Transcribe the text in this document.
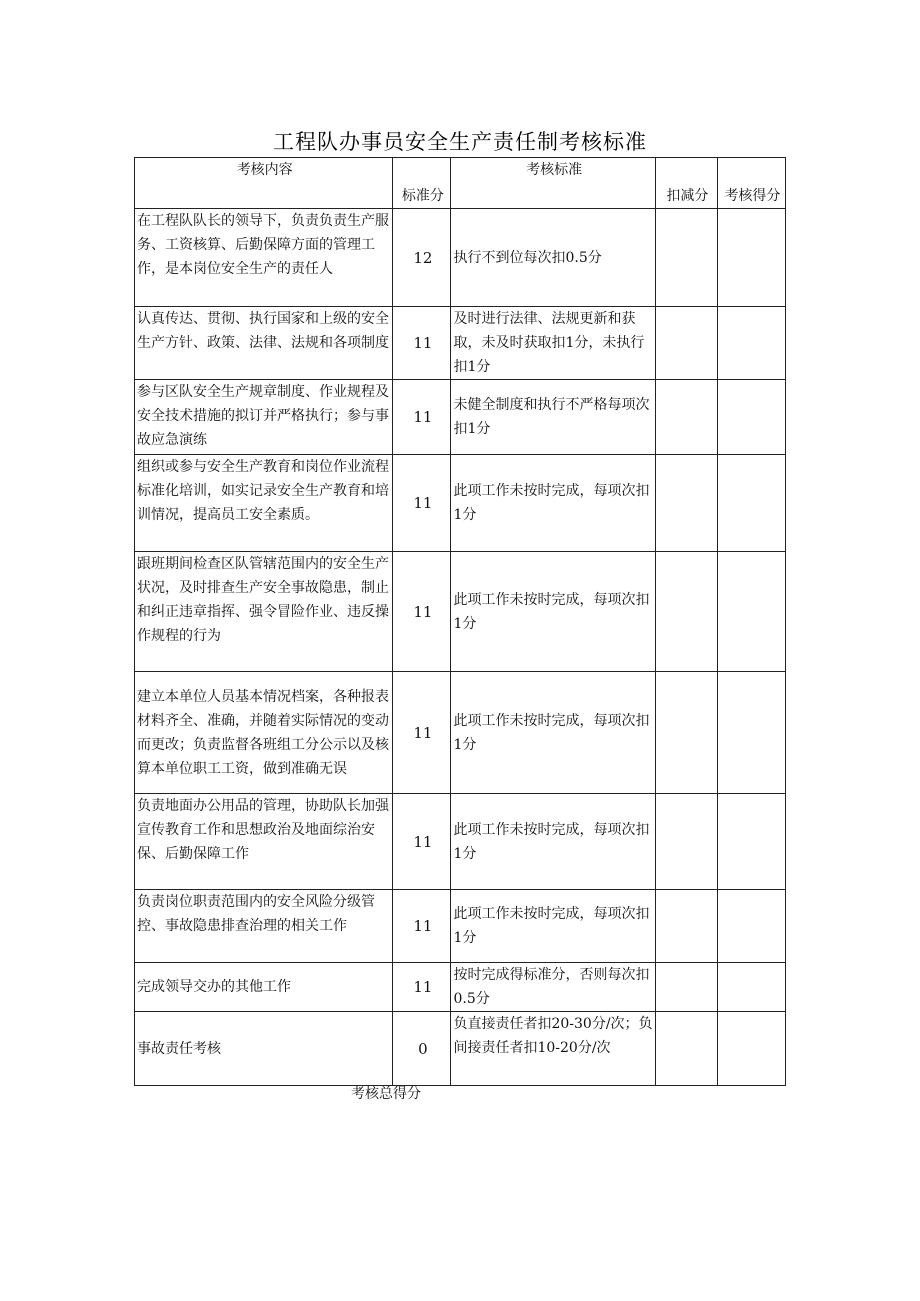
工程队办事员安全生产责任制考核标准
考核内容	标准分	考核标准	扣减分	考核得分
在工程队队长的领导下，负责负责生产服务、工资核算、后勤保障方面的管理工作，是本岗位安全生产的责任人	12	执行不到位每次扣0.5分		
认真传达、贯彻、执行国家和上级的安全生产方针、政策、法律、法规和各项制度	11	及时进行法律、法规更新和获取，未及时获取扣1分，未执行扣1分		
参与区队安全生产规章制度、作业规程及安全技术措施的拟订并严格执行；参与事故应急演练	11	未健全制度和执行不严格每项次扣1分		
组织或参与安全生产教育和岗位作业流程标准化培训，如实记录安全生产教育和培训情况，提高员工安全素质。	11	此项工作未按时完成，每项次扣1分		
跟班期间检查区队管辖范围内的安全生产状况，及时排查生产安全事故隐患，制止和纠正违章指挥、强令冒险作业、违反操作规程的行为	11	此项工作未按时完成，每项次扣1分		
建立本单位人员基本情况档案，各种报表材料齐全、准确，并随着实际情况的变动而更改；负责监督各班组工分公示以及核算本单位职工工资，做到准确无误	11	此项工作未按时完成，每项次扣1分		
负责地面办公用品的管理，协助队长加强宣传教育工作和思想政治及地面综治安保、后勤保障工作	11	此项工作未按时完成，每项次扣1分		
负责岗位职责范围内的安全风险分级管控、事故隐患排查治理的相关工作	11	此项工作未按时完成，每项次扣1分		
完成领导交办的其他工作	11	按时完成得标准分，否则每次扣0.5分		
事故责任考核	0	负直接责任者扣20-30分/次；负间接责任者扣10-20分/次		
考核总得分
